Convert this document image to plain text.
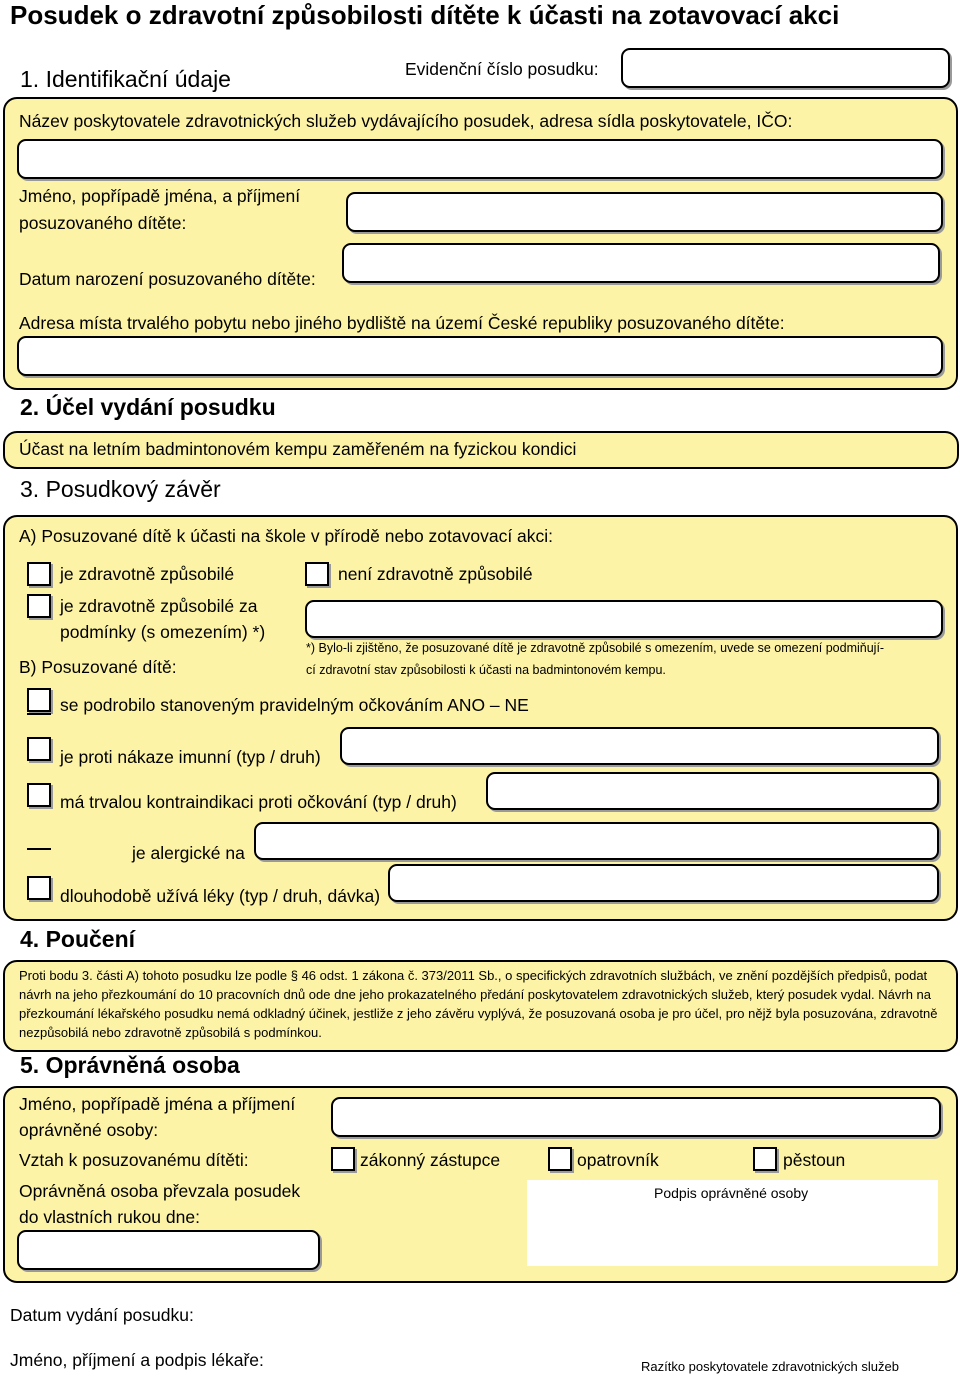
Posudek o zdravotní způsobilosti dítěte k účasti na zotavovací akci
1. Identifikační údaje	Evidenční číslo posudku:
Název poskytovatele zdravotnických služeb vydávajícího posudek, adresa sídla poskytovatele, IČO:
Jméno, popřípadě jména, a příjmení
posuzovaného dítěte:
Datum narození posuzovaného dítěte:
Adresa místa trvalého pobytu nebo jiného bydliště na území České republiky posuzovaného dítěte:
2. Účel vydání posudku
Účast na letním badmintonovém kempu zaměřeném na fyzickou kondici
3. Posudkový závěr
A) Posuzované dítě k účasti na škole v přírodě nebo zotavovací akci:
je zdravotně způsobilé	není zdravotně způsobilé
je zdravotně způsobilé za
podmínky (s omezením) *)
*) Bylo-li zjištěno, že posuzované dítě je zdravotně způsobilé s omezením, uvede se omezení podmiňují-
cí zdravotní stav způsobilosti k účasti na badmintonovém kempu.
B) Posuzované dítě:
se podrobilo stanoveným pravidelným očkováním ANO – NE
je proti nákaze imunní (typ / druh)
má trvalou kontraindikaci proti očkování (typ / druh)
je alergické na
dlouhodobě užívá léky (typ / druh, dávka)
4. Poučení
Proti bodu 3. části A) tohoto posudku lze podle § 46 odst. 1 zákona č. 373/2011 Sb., o specifických zdravotních službách, ve znění pozdějších předpisů, podat návrh na jeho přezkoumání do 10 pracovních dnů ode dne jeho prokazatelného předání poskytovatelem zdravotnických služeb, který posudek vydal. Návrh na přezkoumání lékařského posudku nemá odkladný účinek, jestliže z jeho závěru vyplývá, že posuzovaná osoba je pro účel, pro nějž byla posuzována, zdravotně nezpůsobilá nebo zdravotně způsobilá s podmínkou.
5. Oprávněná osoba
Jméno, popřípadě jména a příjmení
oprávněné osoby:
Vztah k posuzovanému dítěti:	zákonný zástupce	opatrovník	pěstoun
Oprávněná osoba převzala posudek
do vlastních rukou dne:
Podpis oprávněné osoby
Datum vydání posudku:
Jméno, příjmení a podpis lékaře:	Razítko poskytovatele zdravotnických služeb
